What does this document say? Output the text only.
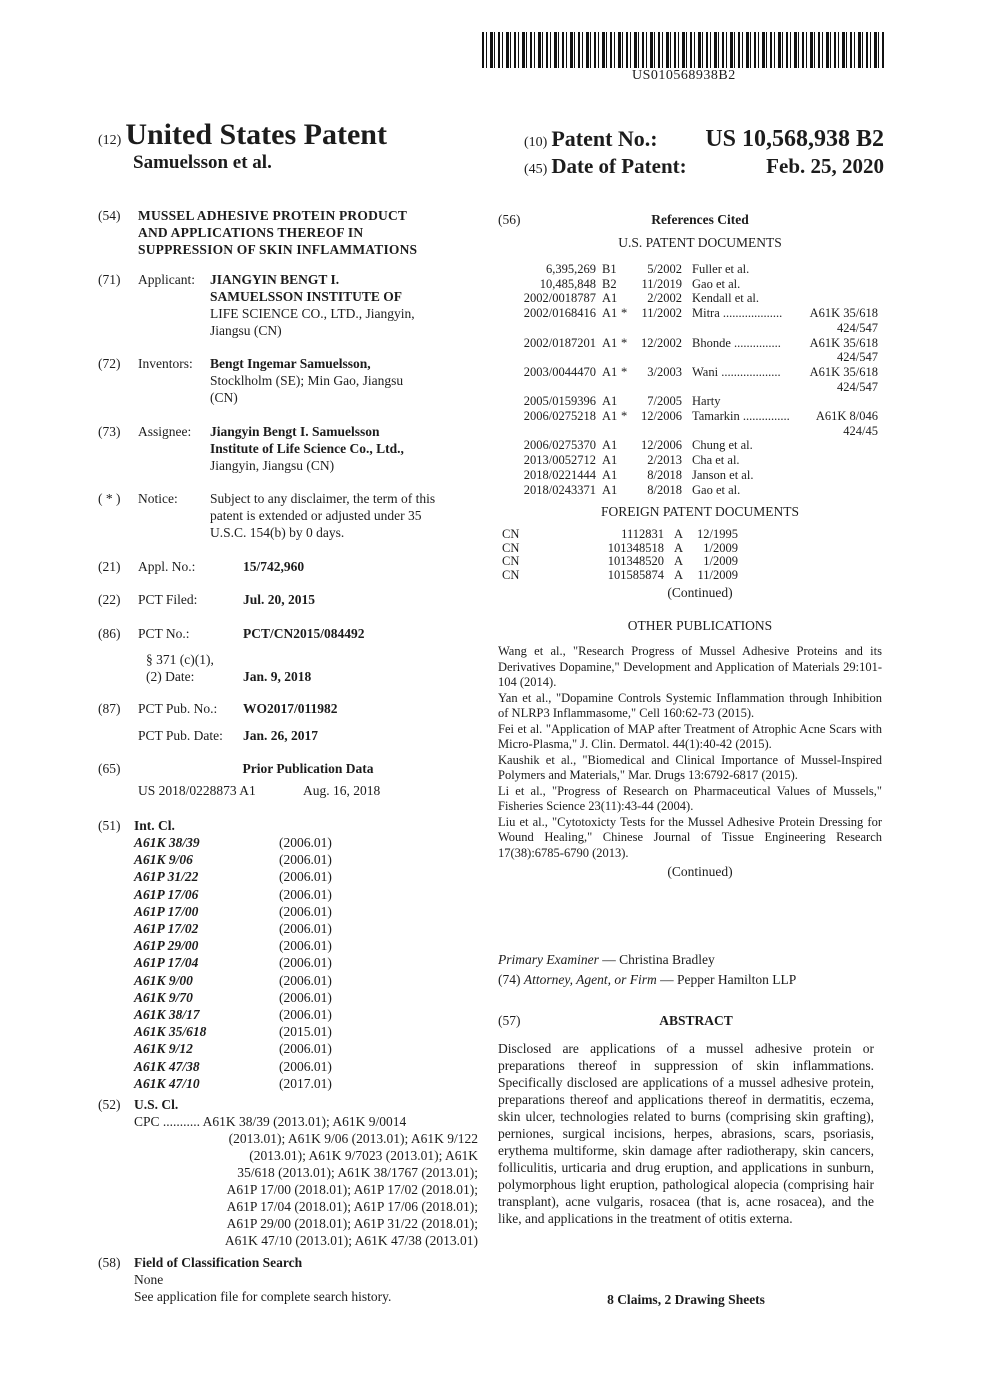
US010568938B2
(12) United States Patent
Samuelsson et al.
(10) Patent No.: US 10,568,938 B2
(45) Date of Patent:	Feb. 25, 2020
(54) MUSSEL ADHESIVE PROTEIN PRODUCT
AND APPLICATIONS THEREOF IN
SUPPRESSION OF SKIN INFLAMMATIONS
(71) Applicant: JIANGYIN BENGT I.
SAMUELSSON INSTITUTE OF
LIFE SCIENCE CO., LTD., Jiangyin,
Jiangsu (CN)
(72) Inventors: Bengt Ingemar Samuelsson,
Stocklholm (SE); Min Gao, Jiangsu
(CN)
(73) Assignee: Jiangyin Bengt I. Samuelsson
Institute of Life Science Co., Ltd.,
Jiangyin, Jiangsu (CN)
( * ) Notice: Subject to any disclaimer, the term of this
patent is extended or adjusted under 35
U.S.C. 154(b) by 0 days.
(21) Appl. No.:	15/742,960
(22) PCT Filed:	Jul. 20, 2015
(86) PCT No.:	PCT/CN2015/084492
§ 371 (c)(1),
(2) Date:	Jan. 9, 2018
(87) PCT Pub. No.: WO2017/011982
PCT Pub. Date: Jan. 26, 2017
(65)	Prior Publication Data
US 2018/0228873 A1	Aug. 16, 2018
(51) Int. Cl.
A61K 38/39	(2006.01)
A61K 9/06	(2006.01)
A61P 31/22	(2006.01)
A61P 17/06	(2006.01)
A61P 17/00	(2006.01)
A61P 17/02	(2006.01)
A61P 29/00	(2006.01)
A61P 17/04	(2006.01)
A61K 9/00	(2006.01)
A61K 9/70	(2006.01)
A61K 38/17	(2006.01)
A61K 35/618	(2015.01)
A61K 9/12	(2006.01)
A61K 47/38	(2006.01)
A61K 47/10	(2017.01)
(52) U.S. Cl.
CPC ........... A61K 38/39 (2013.01); A61K 9/0014
(2013.01); A61K 9/06 (2013.01); A61K 9/122
(2013.01); A61K 9/7023 (2013.01); A61K
35/618 (2013.01); A61K 38/1767 (2013.01);
A61P 17/00 (2018.01); A61P 17/02 (2018.01);
A61P 17/04 (2018.01); A61P 17/06 (2018.01);
A61P 29/00 (2018.01); A61P 31/22 (2018.01);
A61K 47/10 (2013.01); A61K 47/38 (2013.01)
(58) Field of Classification Search
None
See application file for complete search history.
(56)	References Cited
U.S. PATENT DOCUMENTS
6,395,269 B1 5/2002 Fuller et al.
10,485,848 B2 11/2019 Gao et al.
2002/0018787 A1 2/2002 Kendall et al.
2002/0168416 A1 * 11/2002 Mitra ................... A61K 35/618
424/547
2002/0187201 A1 * 12/2002 Bhonde ............... A61K 35/618
424/547
2003/0044470 A1 * 3/2003 Wani ................... A61K 35/618
424/547
2005/0159396 A1 7/2005 Harty
2006/0275218 A1 * 12/2006 Tamarkin ............... A61K 8/046
424/45
2006/0275370 A1 12/2006 Chung et al.
2013/0052712 A1 2/2013 Cha et al.
2018/0221444 A1 8/2018 Janson et al.
2018/0243371 A1 8/2018 Gao et al.
FOREIGN PATENT DOCUMENTS
CN	1112831 A 12/1995
CN	101348518 A 1/2009
CN	101348520 A 1/2009
CN	101585874 A 11/2009
(Continued)
OTHER PUBLICATIONS

Wang et al., "Research Progress of Mussel Adhesive Proteins and its Derivatives Dopamine," Development and Application of Materials 29:101-104 (2014).

Yan et al., "Dopamine Controls Systemic Inflammation through Inhibition of NLRP3 Inflammasome," Cell 160:62-73 (2015).

Fei et al. "Application of MAP after Treatment of Atrophic Acne Scars with Micro-Plasma," J. Clin. Dermatol. 44(1):40-42 (2015).

Kaushik et al., "Biomedical and Clinical Importance of Mussel-Inspired Polymers and Materials," Mar. Drugs 13:6792-6817 (2015).

Li et al., "Progress of Research on Pharmaceutical Values of Mussels," Fisheries Science 23(11):43-44 (2004).

Liu et al., "Cytotoxicty Tests for the Mussel Adhesive Protein Dressing for Wound Healing," Chinese Journal of Tissue Engineering Research 17(38):6785-6790 (2013).

(Continued)
Primary Examiner — Christina Bradley
(74) Attorney, Agent, or Firm — Pepper Hamilton LLP
(57)	ABSTRACT

Disclosed are applications of a mussel adhesive protein or preparations thereof in suppression of skin inflammations. Specifically disclosed are applications of a mussel adhesive protein, preparations thereof and applications thereof in dermatitis, eczema, skin ulcer, technologies related to burns (comprising skin grafting), perniones, surgical incisions, herpes, abrasions, scars, psoriasis, erythema multiforme, skin damage after radiotherapy, skin cancers, folliculitis, urticaria and drug eruption, and applications in sunburn, polymorphous light eruption, pathological alopecia (comprising hair transplant), acne vulgaris, rosacea (that is, acne rosacea), and the like, and applications in the treatment of otitis externa.

8 Claims, 2 Drawing Sheets
